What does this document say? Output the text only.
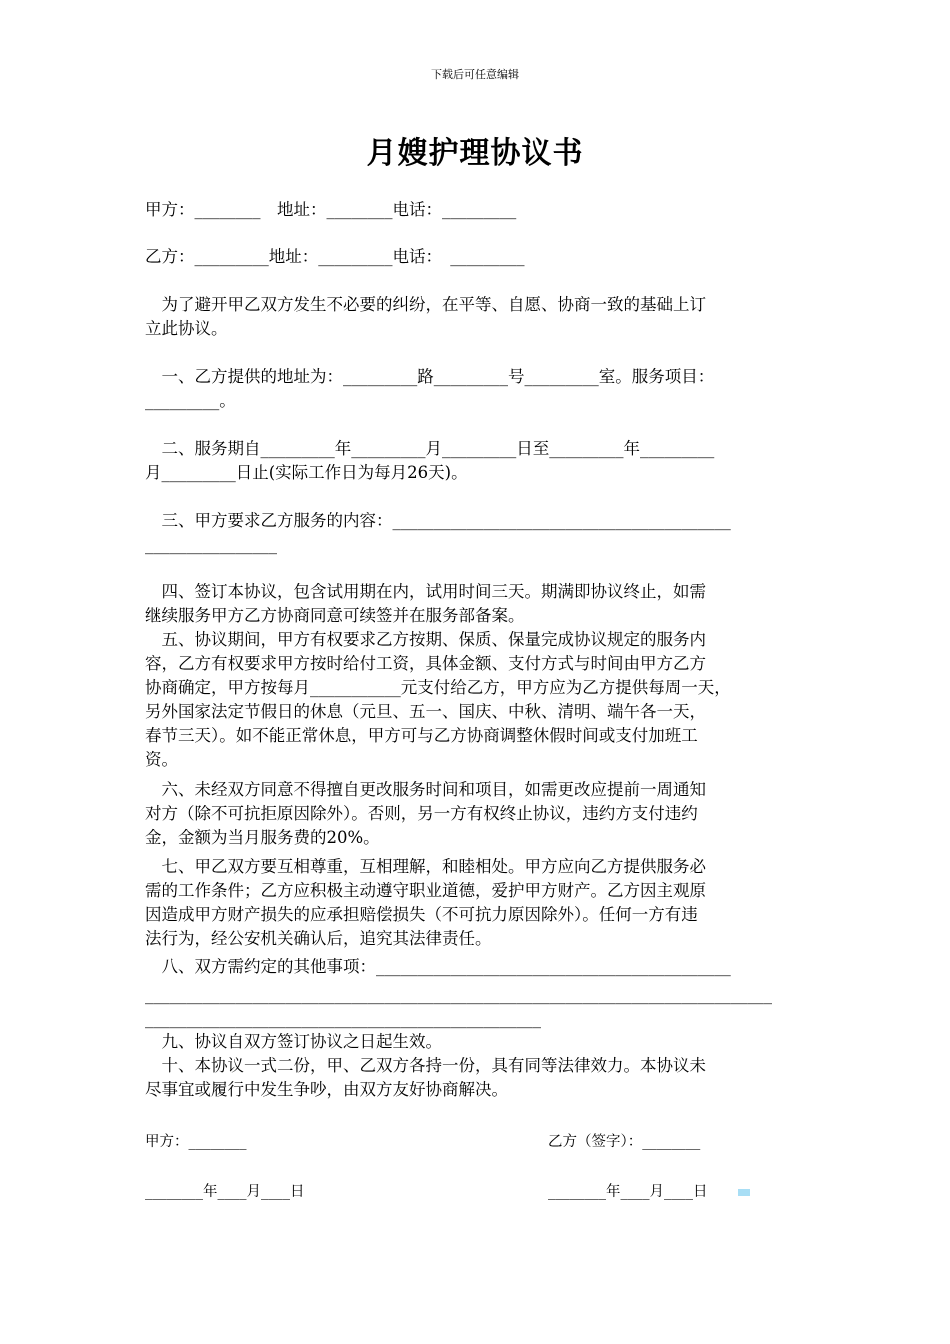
下载后可任意编辑
月嫂护理协议书
甲方：________　地址：________电话：_________
乙方：_________地址：_________电话：　_________
　为了避开甲乙双方发生不必要的纠纷，在平等、自愿、协商一致的基础上订
立此协议。
　一、乙方提供的地址为：_________路_________号_________室。服务项目：
_________。
　二、服务期自_________年_________月_________日至_________年_________
月_________日止(实际工作日为每月26天)。
　三、甲方要求乙方服务的内容：_________________________________________
________________
　四、签订本协议，包含试用期在内，试用时间三天。期满即协议终止，如需
继续服务甲方乙方协商同意可续签并在服务部备案。
　五、协议期间，甲方有权要求乙方按期、保质、保量完成协议规定的服务内
容，乙方有权要求甲方按时给付工资，具体金额、支付方式与时间由甲方乙方
协商确定，甲方按每月___________元支付给乙方，甲方应为乙方提供每周一天，
另外国家法定节假日的休息（元旦、五一、国庆、中秋、清明、端午各一天，
春节三天）。如不能正常休息，甲方可与乙方协商调整休假时间或支付加班工
资。
　六、未经双方同意不得擅自更改服务时间和项目，如需更改应提前一周通知
对方（除不可抗拒原因除外）。否则，另一方有权终止协议，违约方支付违约
金，金额为当月服务费的20%。
　七、甲乙双方要互相尊重，互相理解，和睦相处。甲方应向乙方提供服务必
需的工作条件；乙方应积极主动遵守职业道德，爱护甲方财产。乙方因主观原
因造成甲方财产损失的应承担赔偿损失（不可抗力原因除外）。任何一方有违
法行为，经公安机关确认后，追究其法律责任。
　八、双方需约定的其他事项：___________________________________________
____________________________________________________________________________
________________________________________________
　九、协议自双方签订协议之日起生效。
　十、本协议一式二份，甲、乙双方各持一份，具有同等法律效力。本协议未
尽事宜或履行中发生争吵，由双方友好协商解决。
甲方：________	乙方（签字）：________
________年____月____日	________年____月____日
